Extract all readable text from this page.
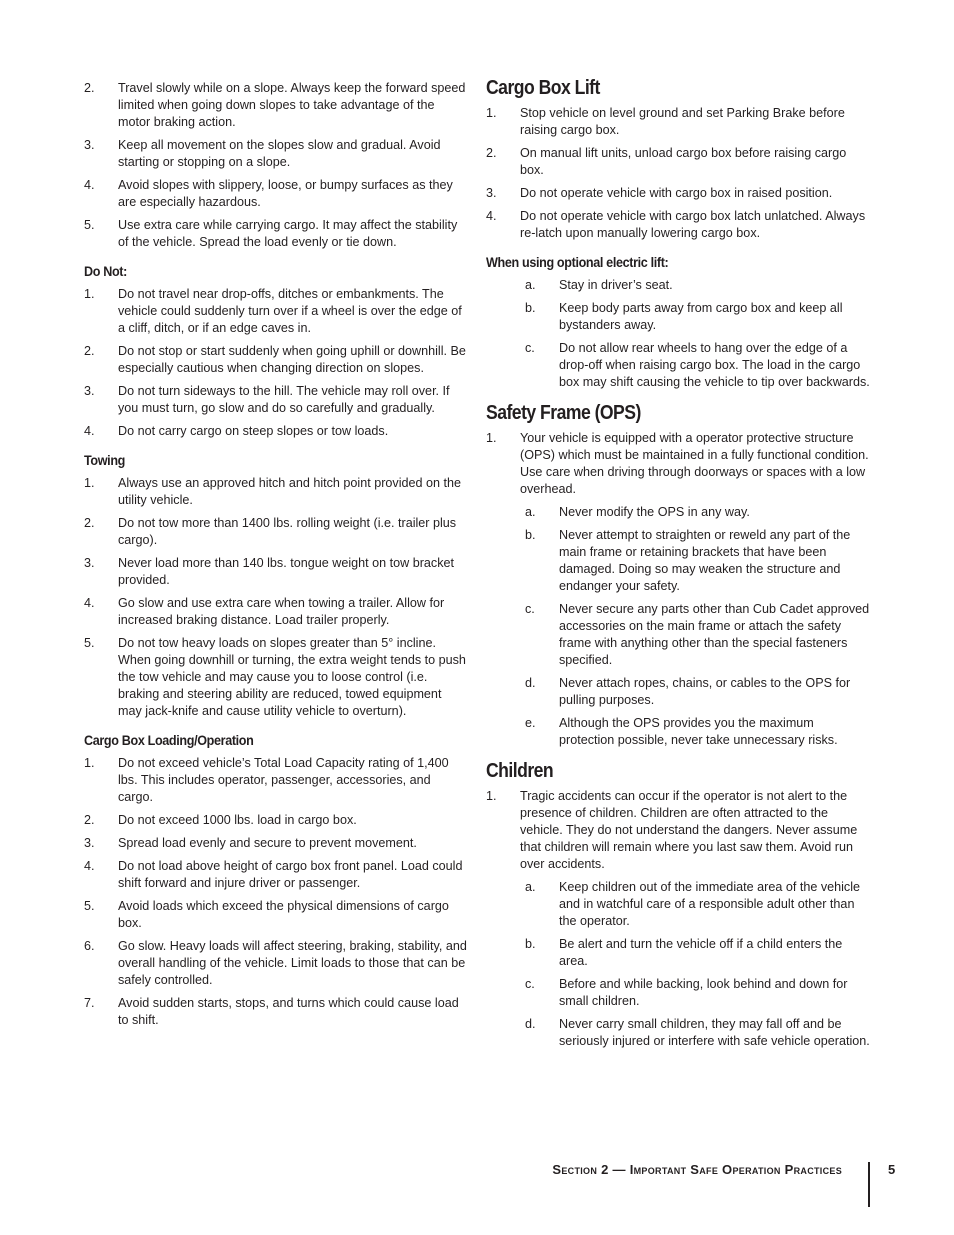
2. Travel slowly while on a slope. Always keep the forward speed limited when going down slopes to take advantage of the motor braking action.
3. Keep all movement on the slopes slow and gradual. Avoid starting or stopping on a slope.
4. Avoid slopes with slippery, loose, or bumpy surfaces as they are especially hazardous.
5. Use extra care while carrying cargo. It may affect the stability of the vehicle. Spread the load evenly or tie down.
Do Not:
1. Do not travel near drop-offs, ditches or embankments. The vehicle could suddenly turn over if a wheel is over the edge of a cliff, ditch, or if an edge caves in.
2. Do not stop or start suddenly when going uphill or downhill. Be especially cautious when changing direction on slopes.
3. Do not turn sideways to the hill. The vehicle may roll over. If you must turn, go slow and do so carefully and gradually.
4. Do not carry cargo on steep slopes or tow loads.
Towing
1. Always use an approved hitch and hitch point provided on the utility vehicle.
2. Do not tow more than 1400 lbs. rolling weight (i.e. trailer plus cargo).
3. Never load more than 140 lbs. tongue weight on tow bracket provided.
4. Go slow and use extra care when towing a trailer. Allow for increased braking distance. Load trailer properly.
5. Do not tow heavy loads on slopes greater than 5° incline. When going downhill or turning, the extra weight tends to push the tow vehicle and may cause you to loose control (i.e. braking and steering ability are reduced, towed equipment may jack-knife and cause utility vehicle to overturn).
Cargo Box Loading/Operation
1. Do not exceed vehicle’s Total Load Capacity rating of 1,400 lbs. This includes operator, passenger, accessories, and cargo.
2. Do not exceed 1000 lbs. load in cargo box.
3. Spread load evenly and secure to prevent movement.
4. Do not load above height of cargo box front panel. Load could shift forward and injure driver or passenger.
5. Avoid loads which exceed the physical dimensions of cargo box.
6. Go slow. Heavy loads will affect steering, braking, stability, and overall handling of the vehicle. Limit loads to those that can be safely controlled.
7. Avoid sudden starts, stops, and turns which could cause load to shift.
Cargo Box Lift
1. Stop vehicle on level ground and set Parking Brake before raising cargo box.
2. On manual lift units, unload cargo box before raising cargo box.
3. Do not operate vehicle with cargo box in raised position.
4. Do not operate vehicle with cargo box latch unlatched. Always re-latch upon manually lowering cargo box.
When using optional electric lift:
a. Stay in driver’s seat.
b. Keep body parts away from cargo box and keep all bystanders away.
c. Do not allow rear wheels to hang over the edge of a drop-off when raising cargo box. The load in the cargo box may shift causing the vehicle to tip over backwards.
Safety Frame (OPS)
1. Your vehicle is equipped with a operator protective structure (OPS) which must be maintained in a fully functional condition. Use care when driving through doorways or spaces with a low overhead.
a. Never modify the OPS in any way.
b. Never attempt to straighten or reweld any part of the main frame or retaining brackets that have been damaged. Doing so may weaken the structure and endanger your safety.
c. Never secure any parts other than Cub Cadet approved accessories on the main frame or attach the safety frame with anything other than the special fasteners specified.
d. Never attach ropes, chains, or cables to the OPS for pulling purposes.
e. Although the OPS provides you the maximum protection possible, never take unnecessary risks.
Children
1. Tragic accidents can occur if the operator is not alert to the presence of children. Children are often attracted to the vehicle. They do not understand the dangers. Never assume that children will remain where you last saw them. Avoid run over accidents.
a. Keep children out of the immediate area of the vehicle and in watchful care of a responsible adult other than the operator.
b. Be alert and turn the vehicle off if a child enters the area.
c. Before and while backing, look behind and down for small children.
d. Never carry small children, they may fall off and be seriously injured or interfere with safe vehicle operation.
Section 2 — Important Safe Operation Practices	5
